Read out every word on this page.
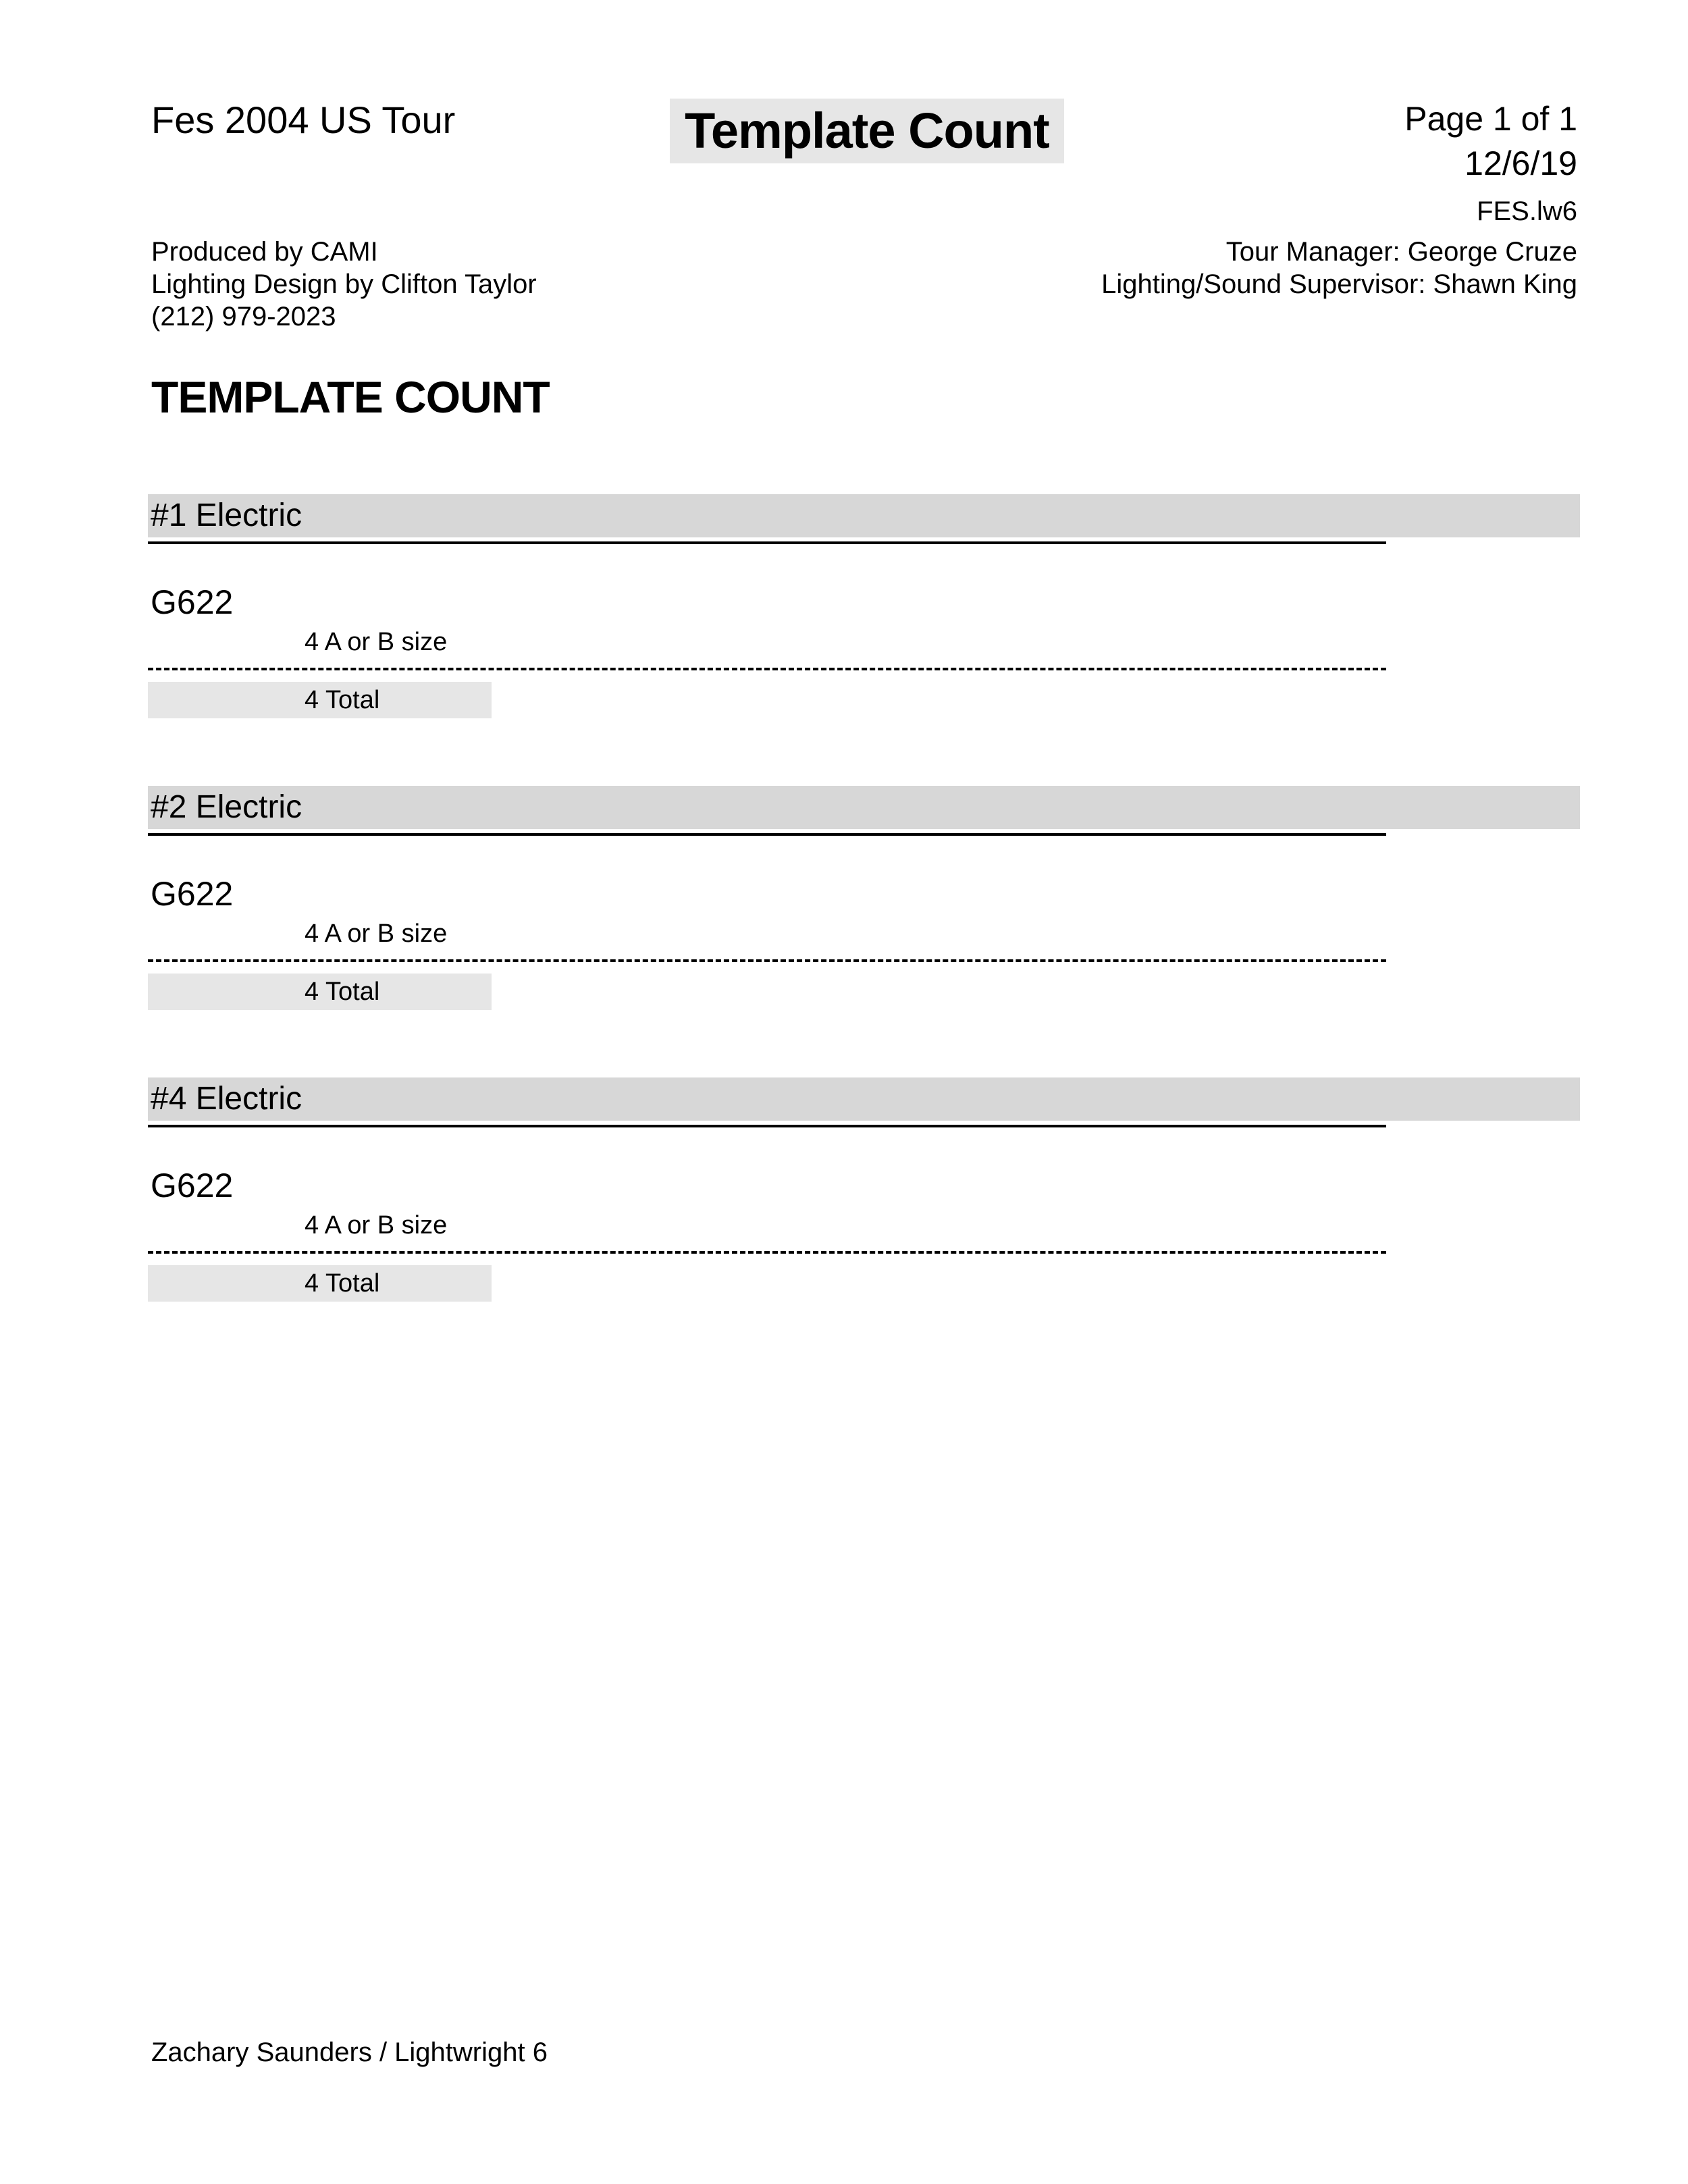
Fes 2004 US Tour	Template Count	Page 1 of 1
12/6/19
FES.lw6
Produced by CAMI
Lighting Design by Clifton Taylor
(212) 979-2023
Tour Manager: George Cruze
Lighting/Sound Supervisor: Shawn King
TEMPLATE COUNT
#1 Electric
G622
4 A or B size
4 Total
#2 Electric
G622
4 A or B size
4 Total
#4 Electric
G622
4 A or B size
4 Total
Zachary Saunders / Lightwright 6
